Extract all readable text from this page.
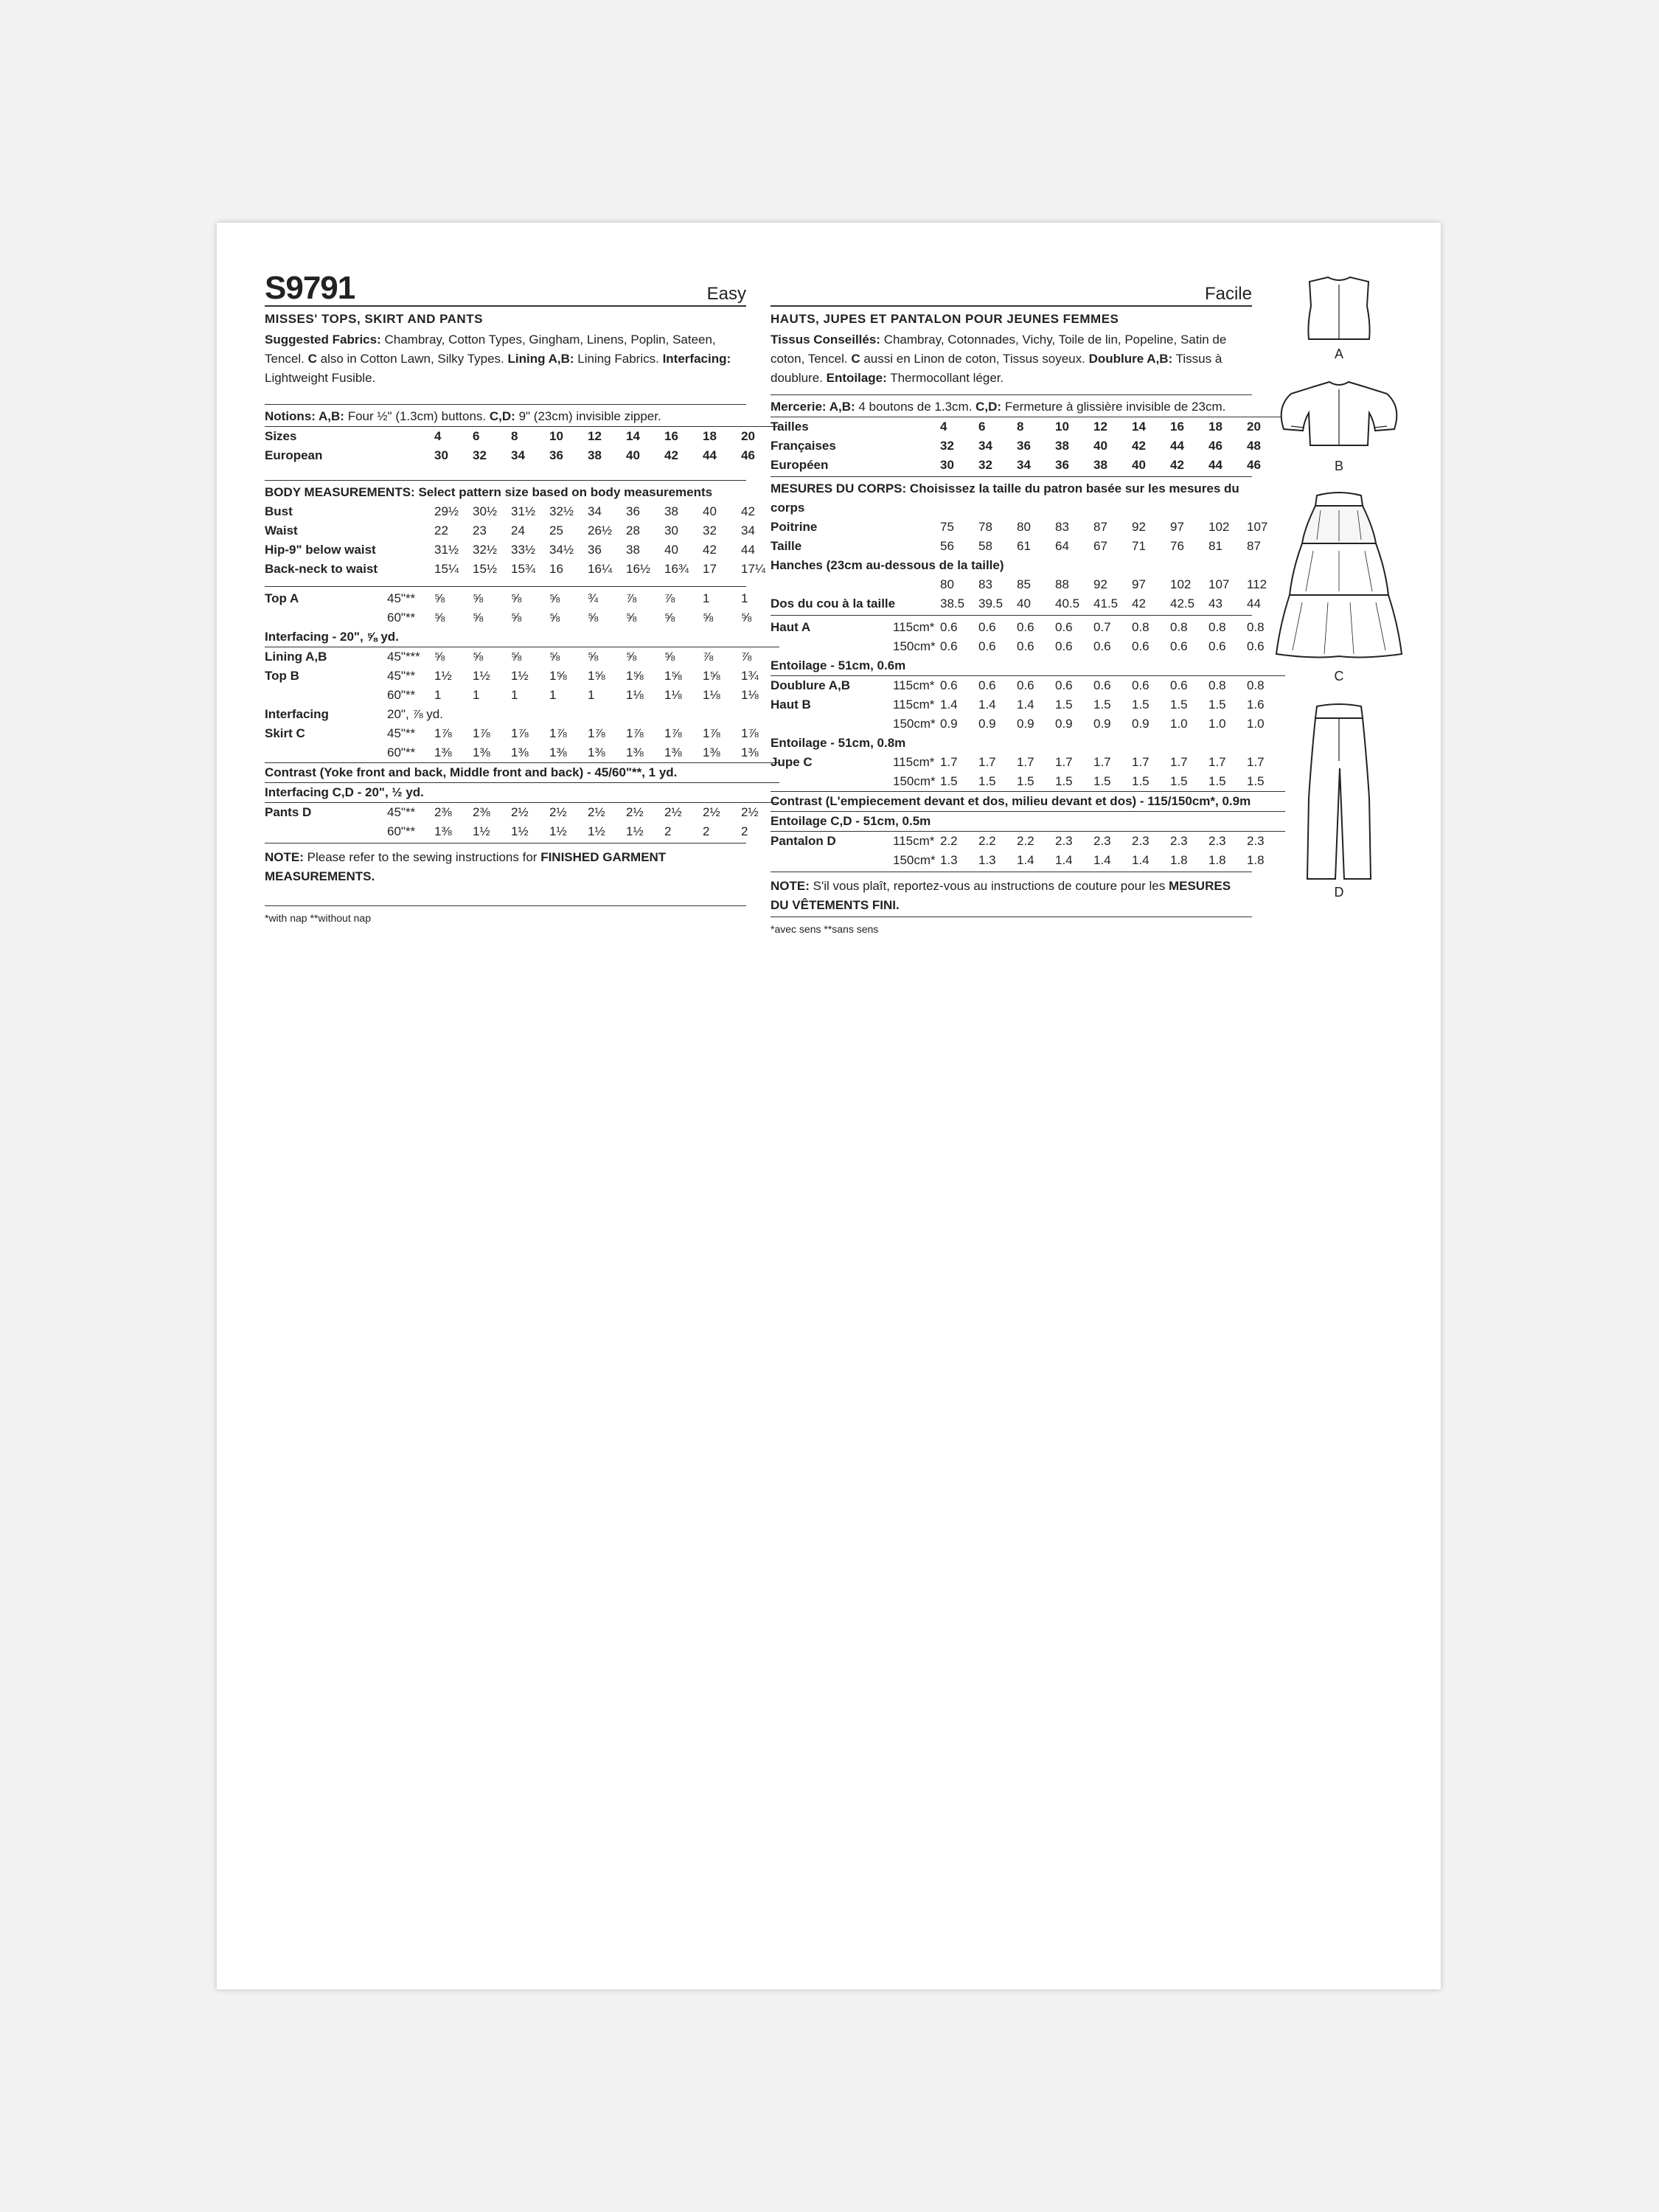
S9791	Easy
MISSES' TOPS, SKIRT AND PANTS
Suggested Fabrics: Chambray, Cotton Types, Gingham, Linens, Poplin, Sateen, Tencel. C also in Cotton Lawn, Silky Types. Lining A,B: Lining Fabrics. Interfacing: Lightweight Fusible.
Notions: A,B: Four ½" (1.3cm) buttons. C,D: 9" (23cm) invisible zipper.
Sizes		4	6	8	10	12	14	16	18	20	
European		30	32	34	36	38	40	42	44	46	
BODY MEASUREMENTS: Select pattern size based on body measurements
Bust		29½	30½	31½	32½	34	36	38	40	42	
Waist		22	23	24	25	26½	28	30	32	34	
Hip-9" below waist		31½	32½	33½	34½	36	38	40	42	44	
Back-neck to waist		15¼	15½	15¾	16	16¼	16½	16¾	17	17¼	
Top A	45"**	⅝	⅝	⅝	⅝	¾	⅞	⅞	1	1	
	60"**	⅝	⅝	⅝	⅝	⅝	⅝	⅝	⅝	⅝	
Interfacing - 20", ⅝ yd.											
Lining A,B	45"***	⅝	⅝	⅝	⅝	⅝	⅝	⅝	⅞	⅞	
Top B	45"**	1½	1½	1½	1⅝	1⅝	1⅝	1⅝	1⅝	1¾	
	60"**	1	1	1	1	1	1⅛	1⅛	1⅛	1⅛	
Interfacing	20", ⅞ yd.										
Skirt C	45"**	1⅞	1⅞	1⅞	1⅞	1⅞	1⅞	1⅞	1⅞	1⅞	
	60"**	1⅜	1⅜	1⅜	1⅜	1⅜	1⅜	1⅜	1⅜	1⅜	
Contrast (Yoke front and back, Middle front and back) - 45/60"**, 1 yd.											
Interfacing C,D - 20", ½ yd.											
Pants D	45"**	2⅜	2⅜	2½	2½	2½	2½	2½	2½	2½	
	60"**	1⅜	1½	1½	1½	1½	1½	2	2	2	
NOTE: Please refer to the sewing instructions for FINISHED GARMENT MEASUREMENTS.
*with nap **without nap
Facile
HAUTS, JUPES ET PANTALON POUR JEUNES FEMMES
Tissus Conseillés: Chambray, Cotonnades, Vichy, Toile de lin, Popeline, Satin de coton, Tencel. C aussi en Linon de coton, Tissus soyeux. Doublure A,B: Tissus à doublure. Entoilage: Thermocollant léger.
Mercerie: A,B: 4 boutons de 1.3cm. C,D: Fermeture à glissière invisible de 23cm.
Tailles		4	6	8	10	12	14	16	18	20	
Françaises		32	34	36	38	40	42	44	46	48	
Européen		30	32	34	36	38	40	42	44	46	
MESURES DU CORPS: Choisissez la taille du patron basée sur les mesures du corps
Poitrine		75	78	80	83	87	92	97	102	107	
Taille		56	58	61	64	67	71	76	81	87	
Hanches (23cm au-dessous de la taille)											
		80	83	85	88	92	97	102	107	112	
Dos du cou à la taille		38.5	39.5	40	40.5	41.5	42	42.5	43	44	
Haut A	115cm*	0.6	0.6	0.6	0.6	0.7	0.8	0.8	0.8	0.8	
	150cm*	0.6	0.6	0.6	0.6	0.6	0.6	0.6	0.6	0.6	
Entoilage - 51cm, 0.6m											
Doublure A,B	115cm*	0.6	0.6	0.6	0.6	0.6	0.6	0.6	0.8	0.8	
Haut B	115cm*	1.4	1.4	1.4	1.5	1.5	1.5	1.5	1.5	1.6	
	150cm*	0.9	0.9	0.9	0.9	0.9	0.9	1.0	1.0	1.0	
Entoilage - 51cm, 0.8m											
Jupe C	115cm*	1.7	1.7	1.7	1.7	1.7	1.7	1.7	1.7	1.7	
	150cm*	1.5	1.5	1.5	1.5	1.5	1.5	1.5	1.5	1.5	
Contrast (L'empiecement devant et dos, milieu devant et dos) - 115/150cm*, 0.9m											
Entoilage C,D - 51cm, 0.5m											
Pantalon D	115cm*	2.2	2.2	2.2	2.3	2.3	2.3	2.3	2.3	2.3	
	150cm*	1.3	1.3	1.4	1.4	1.4	1.4	1.8	1.8	1.8	
NOTE: S'il vous plaît, reportez-vous au instructions de couture pour les MESURES DU VÊTEMENTS FINI.
*avec sens **sans sens
A
B
C
D
